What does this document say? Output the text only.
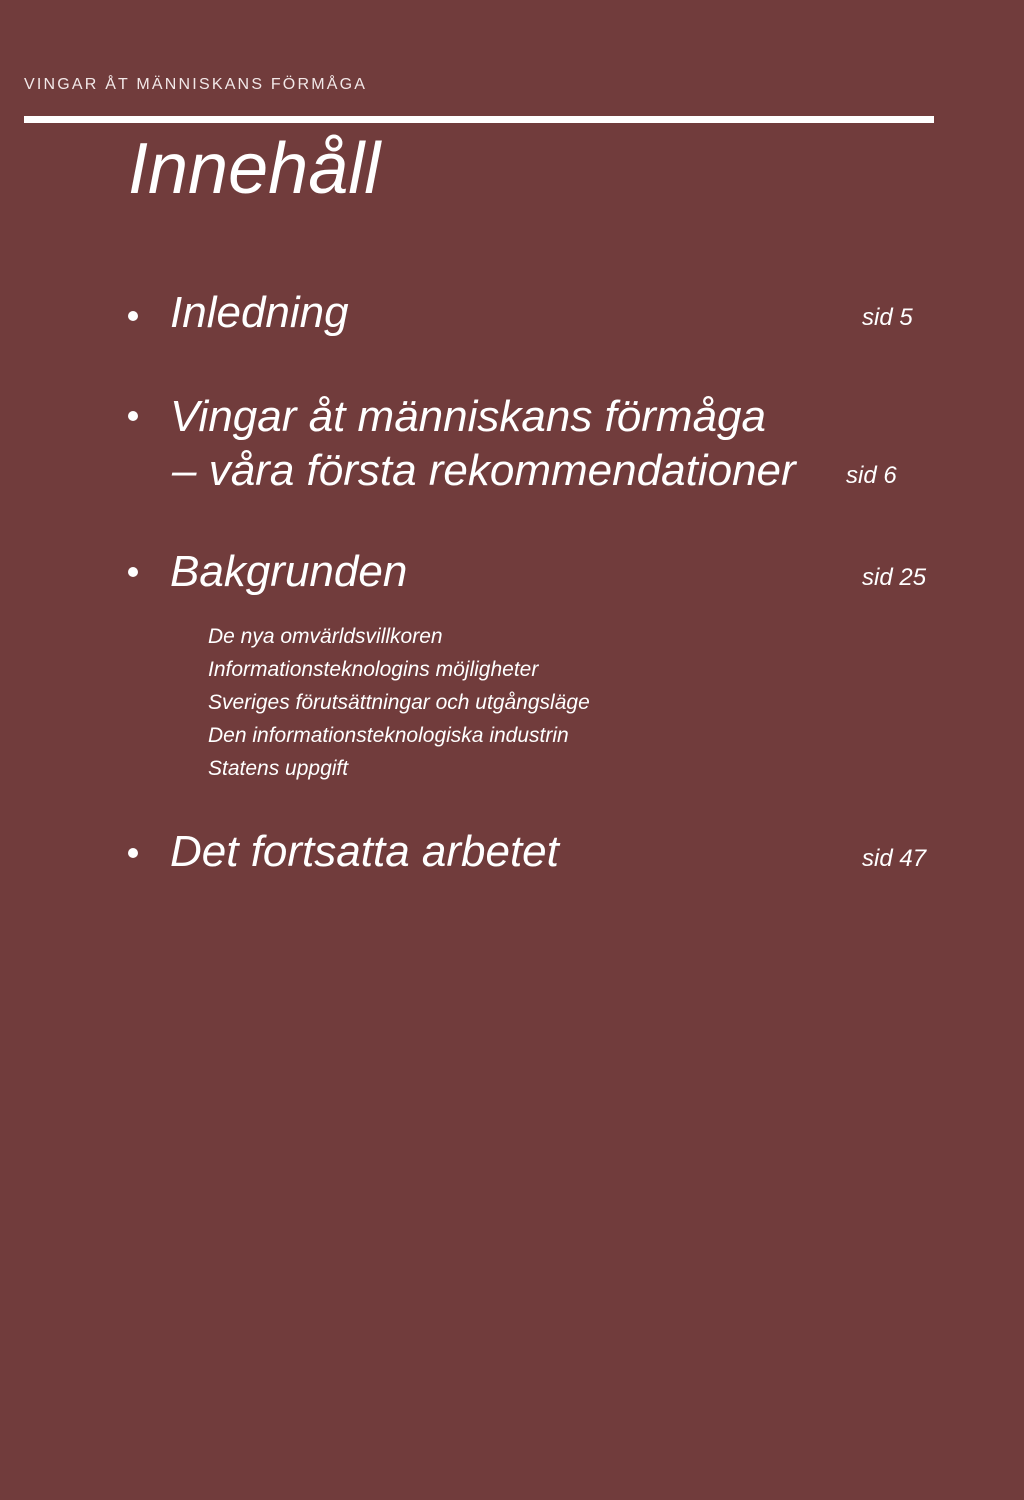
VINGAR ÅT MÄNNISKANS FÖRMÅGA
Innehåll
Inledning	sid 5
Vingar åt människans förmåga
– våra första rekommendationer sid 6
Bakgrunden	sid 25
De nya omvärldsvillkoren
Informationsteknologins möjligheter
Sveriges förutsättningar och utgångsläge
Den informationsteknologiska industrin
Statens uppgift
Det fortsatta arbetet	sid 47
